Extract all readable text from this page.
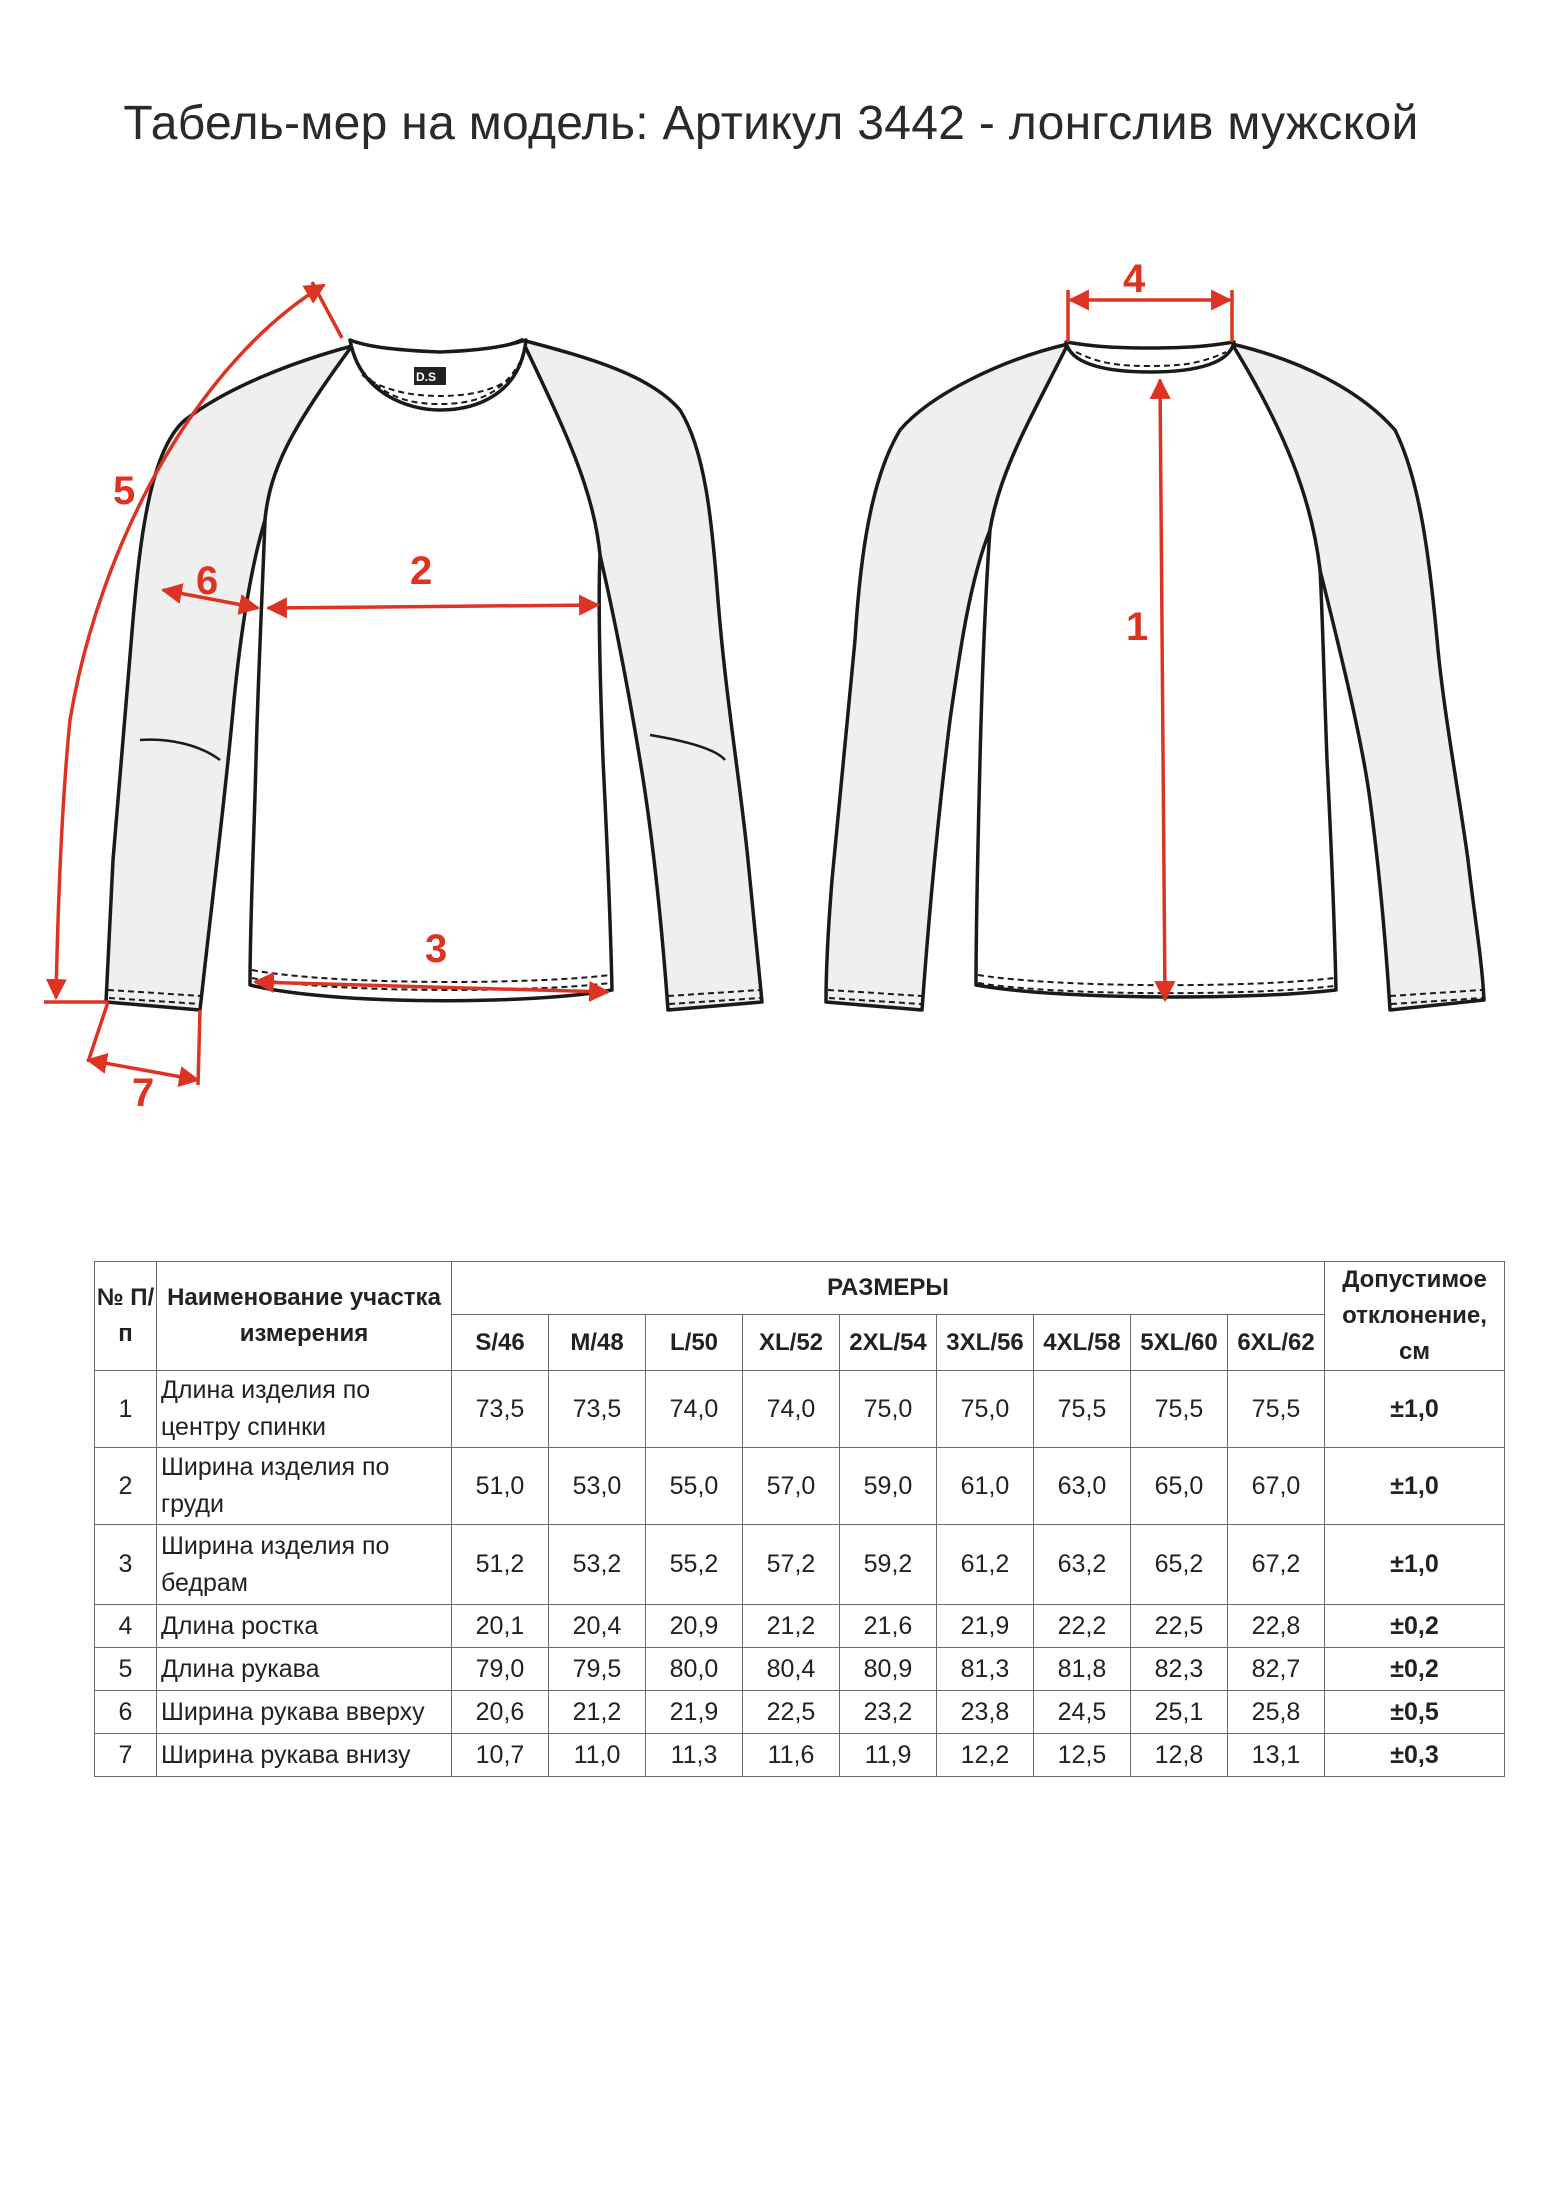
Табель-мер на модель: Артикул 3442 - лонгслив мужской
D.S
5
6	2
3
7
4
1
№ П/п	Наименование участка измерения	РАЗМЕРЫ									Допустимое отклонение, см
		S/46	M/48	L/50	XL/52	2XL/54	3XL/56	4XL/58	5XL/60	6XL/62	
1	Длина изделия по центру спинки	73,5	73,5	74,0	74,0	75,0	75,0	75,5	75,5	75,5	±1,0
2	Ширина изделия по груди	51,0	53,0	55,0	57,0	59,0	61,0	63,0	65,0	67,0	±1,0
3	Ширина изделия по бедрам	51,2	53,2	55,2	57,2	59,2	61,2	63,2	65,2	67,2	±1,0
4	Длина ростка	20,1	20,4	20,9	21,2	21,6	21,9	22,2	22,5	22,8	±0,2
5	Длина рукава	79,0	79,5	80,0	80,4	80,9	81,3	81,8	82,3	82,7	±0,2
6	Ширина рукава вверху	20,6	21,2	21,9	22,5	23,2	23,8	24,5	25,1	25,8	±0,5
7	Ширина рукава внизу	10,7	11,0	11,3	11,6	11,9	12,2	12,5	12,8	13,1	±0,3
